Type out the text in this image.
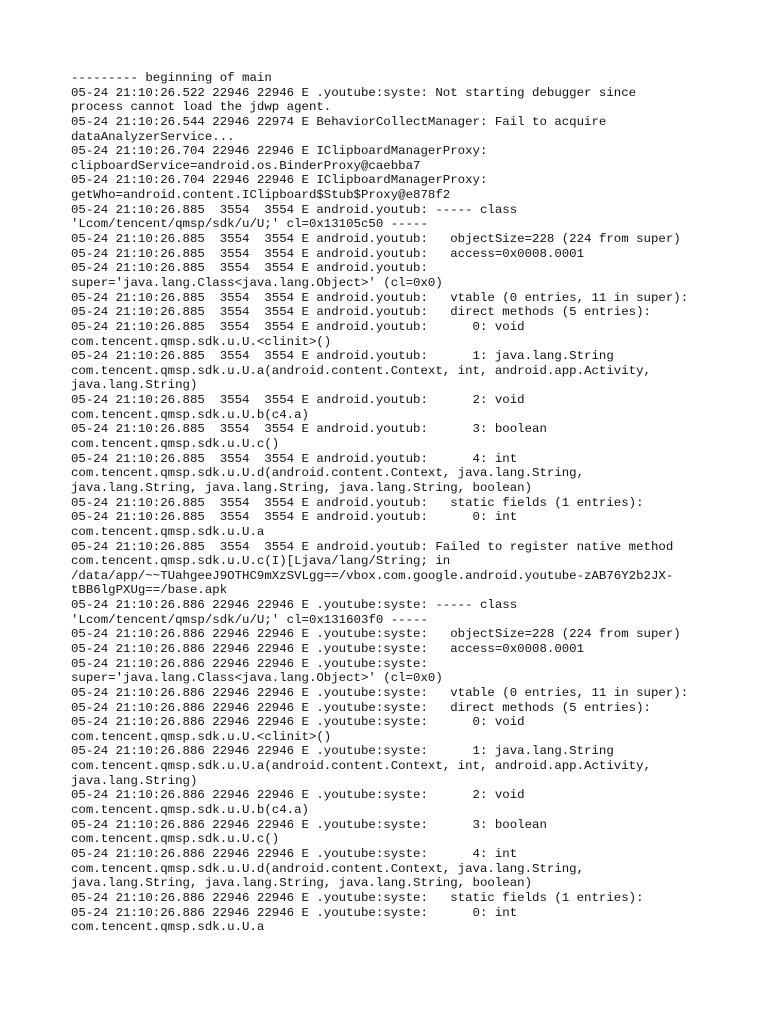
--------- beginning of main
05-24 21:10:26.522 22946 22946 E .youtube:syste: Not starting debugger since
process cannot load the jdwp agent.
05-24 21:10:26.544 22946 22974 E BehaviorCollectManager: Fail to acquire
dataAnalyzerService...
05-24 21:10:26.704 22946 22946 E IClipboardManagerProxy:
clipboardService=android.os.BinderProxy@caebba7
05-24 21:10:26.704 22946 22946 E IClipboardManagerProxy:
getWho=android.content.IClipboard$Stub$Proxy@e878f2
05-24 21:10:26.885  3554  3554 E android.youtub: ----- class
'Lcom/tencent/qmsp/sdk/u/U;' cl=0x13105c50 -----
05-24 21:10:26.885  3554  3554 E android.youtub:   objectSize=228 (224 from super)
05-24 21:10:26.885  3554  3554 E android.youtub:   access=0x0008.0001
05-24 21:10:26.885  3554  3554 E android.youtub:
super='java.lang.Class<java.lang.Object>' (cl=0x0)
05-24 21:10:26.885  3554  3554 E android.youtub:   vtable (0 entries, 11 in super):
05-24 21:10:26.885  3554  3554 E android.youtub:   direct methods (5 entries):
05-24 21:10:26.885  3554  3554 E android.youtub:      0: void
com.tencent.qmsp.sdk.u.U.<clinit>()
05-24 21:10:26.885  3554  3554 E android.youtub:      1: java.lang.String
com.tencent.qmsp.sdk.u.U.a(android.content.Context, int, android.app.Activity,
java.lang.String)
05-24 21:10:26.885  3554  3554 E android.youtub:      2: void
com.tencent.qmsp.sdk.u.U.b(c4.a)
05-24 21:10:26.885  3554  3554 E android.youtub:      3: boolean
com.tencent.qmsp.sdk.u.U.c()
05-24 21:10:26.885  3554  3554 E android.youtub:      4: int
com.tencent.qmsp.sdk.u.U.d(android.content.Context, java.lang.String,
java.lang.String, java.lang.String, java.lang.String, boolean)
05-24 21:10:26.885  3554  3554 E android.youtub:   static fields (1 entries):
05-24 21:10:26.885  3554  3554 E android.youtub:      0: int
com.tencent.qmsp.sdk.u.U.a
05-24 21:10:26.885  3554  3554 E android.youtub: Failed to register native method
com.tencent.qmsp.sdk.u.U.c(I)[Ljava/lang/String; in
/data/app/~~TUahgeeJ9OTHC9mXzSVLgg==/vbox.com.google.android.youtube-zAB76Y2b2JX-
tBB6lgPXUg==/base.apk
05-24 21:10:26.886 22946 22946 E .youtube:syste: ----- class
'Lcom/tencent/qmsp/sdk/u/U;' cl=0x131603f0 -----
05-24 21:10:26.886 22946 22946 E .youtube:syste:   objectSize=228 (224 from super)
05-24 21:10:26.886 22946 22946 E .youtube:syste:   access=0x0008.0001
05-24 21:10:26.886 22946 22946 E .youtube:syste:
super='java.lang.Class<java.lang.Object>' (cl=0x0)
05-24 21:10:26.886 22946 22946 E .youtube:syste:   vtable (0 entries, 11 in super):
05-24 21:10:26.886 22946 22946 E .youtube:syste:   direct methods (5 entries):
05-24 21:10:26.886 22946 22946 E .youtube:syste:      0: void
com.tencent.qmsp.sdk.u.U.<clinit>()
05-24 21:10:26.886 22946 22946 E .youtube:syste:      1: java.lang.String
com.tencent.qmsp.sdk.u.U.a(android.content.Context, int, android.app.Activity,
java.lang.String)
05-24 21:10:26.886 22946 22946 E .youtube:syste:      2: void
com.tencent.qmsp.sdk.u.U.b(c4.a)
05-24 21:10:26.886 22946 22946 E .youtube:syste:      3: boolean
com.tencent.qmsp.sdk.u.U.c()
05-24 21:10:26.886 22946 22946 E .youtube:syste:      4: int
com.tencent.qmsp.sdk.u.U.d(android.content.Context, java.lang.String,
java.lang.String, java.lang.String, java.lang.String, boolean)
05-24 21:10:26.886 22946 22946 E .youtube:syste:   static fields (1 entries):
05-24 21:10:26.886 22946 22946 E .youtube:syste:      0: int
com.tencent.qmsp.sdk.u.U.a
